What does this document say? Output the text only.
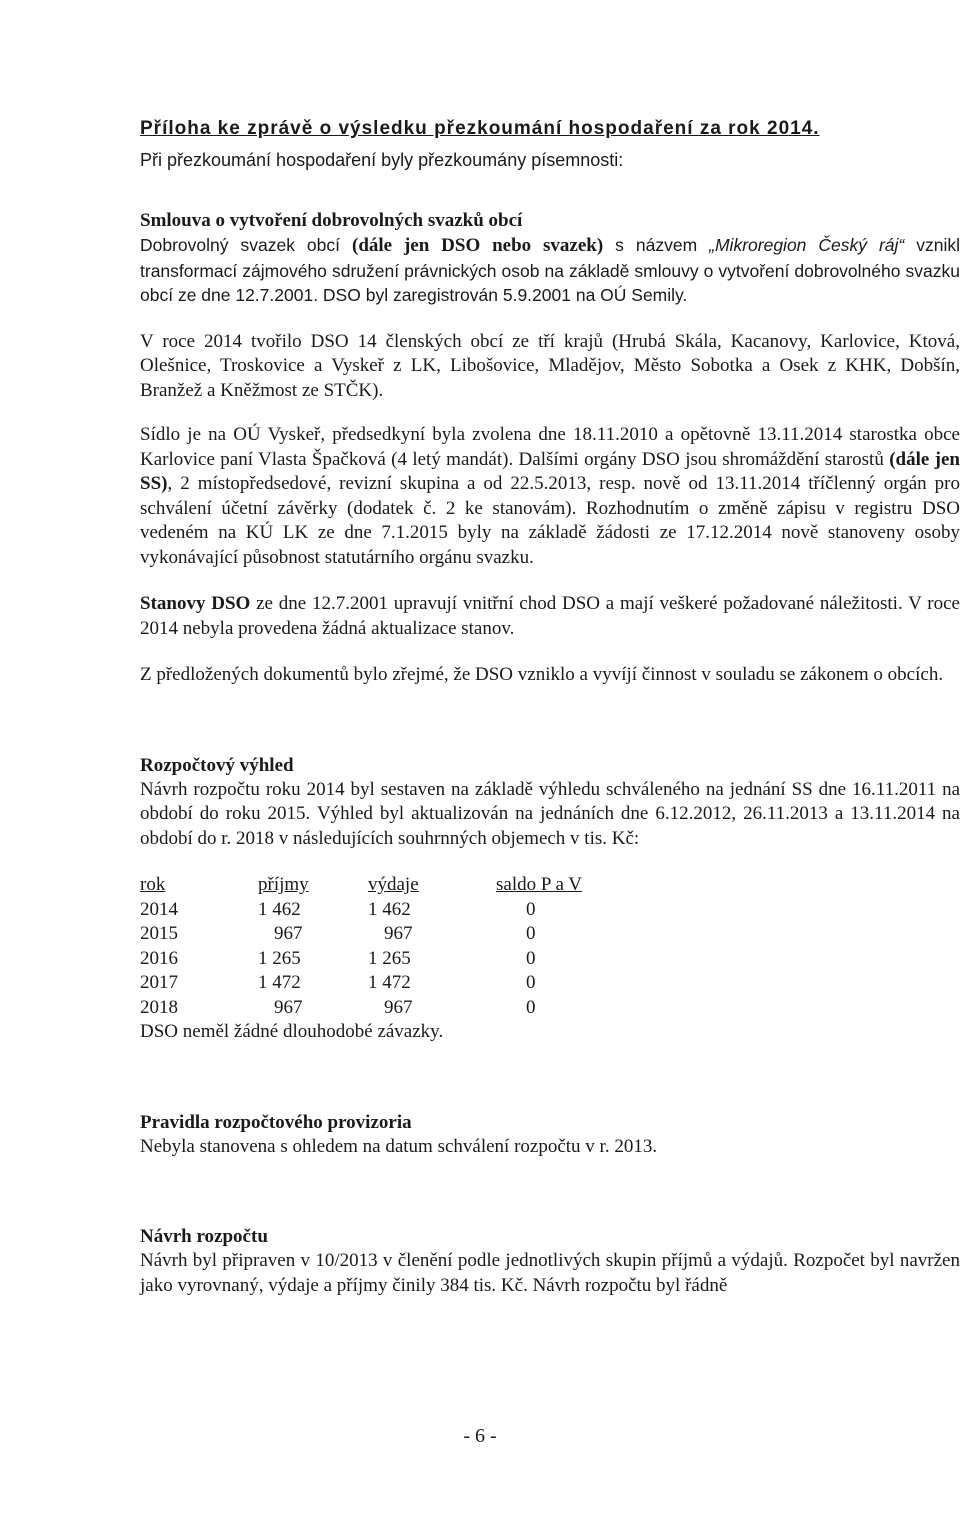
Příloha ke zprávě o výsledku přezkoumání hospodaření za rok 2014.
Při přezkoumání hospodaření byly přezkoumány písemnosti:
Smlouva o vytvoření dobrovolných svazků obcí

Dobrovolný svazek obcí (dále jen DSO nebo svazek) s názvem „Mikroregion Český ráj“ vznikl transformací zájmového sdružení právnických osob na základě smlouvy o vytvoření dobrovolného svazku obcí ze dne 12.7.2001. DSO byl zaregistrován 5.9.2001 na OÚ Semily.

V roce 2014 tvořilo DSO 14 členských obcí ze tří krajů (Hrubá Skála, Kacanovy, Karlovice, Ktová, Olešnice, Troskovice a Vyskeř z LK, Libošovice, Mladějov, Město Sobotka a Osek z KHK, Dobšín, Branžež a Kněžmost ze STČK).

Sídlo je na OÚ Vyskeř, předsedkyní byla zvolena dne 18.11.2010 a opětovně 13.11.2014 starostka obce Karlovice paní Vlasta Špačková (4 letý mandát). Dalšími orgány DSO jsou shromáždění starostů (dále jen SS), 2 místopředsedové, revizní skupina a od 22.5.2013, resp. nově od 13.11.2014 tříčlenný orgán pro schválení účetní závěrky (dodatek č. 2 ke stanovám). Rozhodnutím o změně zápisu v registru DSO vedeném na KÚ LK ze dne 7.1.2015 byly na základě žádosti ze 17.12.2014 nově stanoveny osoby vykonávající působnost statutárního orgánu svazku.

Stanovy DSO ze dne 12.7.2001 upravují vnitřní chod DSO a mají veškeré požadované náležitosti. V roce 2014 nebyla provedena žádná aktualizace stanov.

Z předložených dokumentů bylo zřejmé, že DSO vzniklo a vyvíjí činnost v souladu se zákonem o obcích.

Rozpočtový výhled

Návrh rozpočtu roku 2014 byl sestaven na základě výhledu schváleného na jednání SS dne 16.11.2011 na období do roku 2015. Výhled byl aktualizován na jednáních dne 6.12.2012, 26.11.2013 a 13.11.2014 na období do r. 2018 v následujících souhrnných objemech v tis. Kč:

rok	příjmy	výdaje	saldo P a V
2014	1 462	1 462	0
2015	967	967	0
2016	1 265	1 265	0
2017	1 472	1 472	0
2018	967	967	0

DSO neměl žádné dlouhodobé závazky.

Pravidla rozpočtového provizoria

Nebyla stanovena s ohledem na datum schválení rozpočtu v r. 2013.

Návrh rozpočtu

Návrh byl připraven v 10/2013 v členění podle jednotlivých skupin příjmů a výdajů. Rozpočet byl navržen jako vyrovnaný, výdaje a příjmy činily 384 tis. Kč. Návrh rozpočtu byl řádně

- 6 -
